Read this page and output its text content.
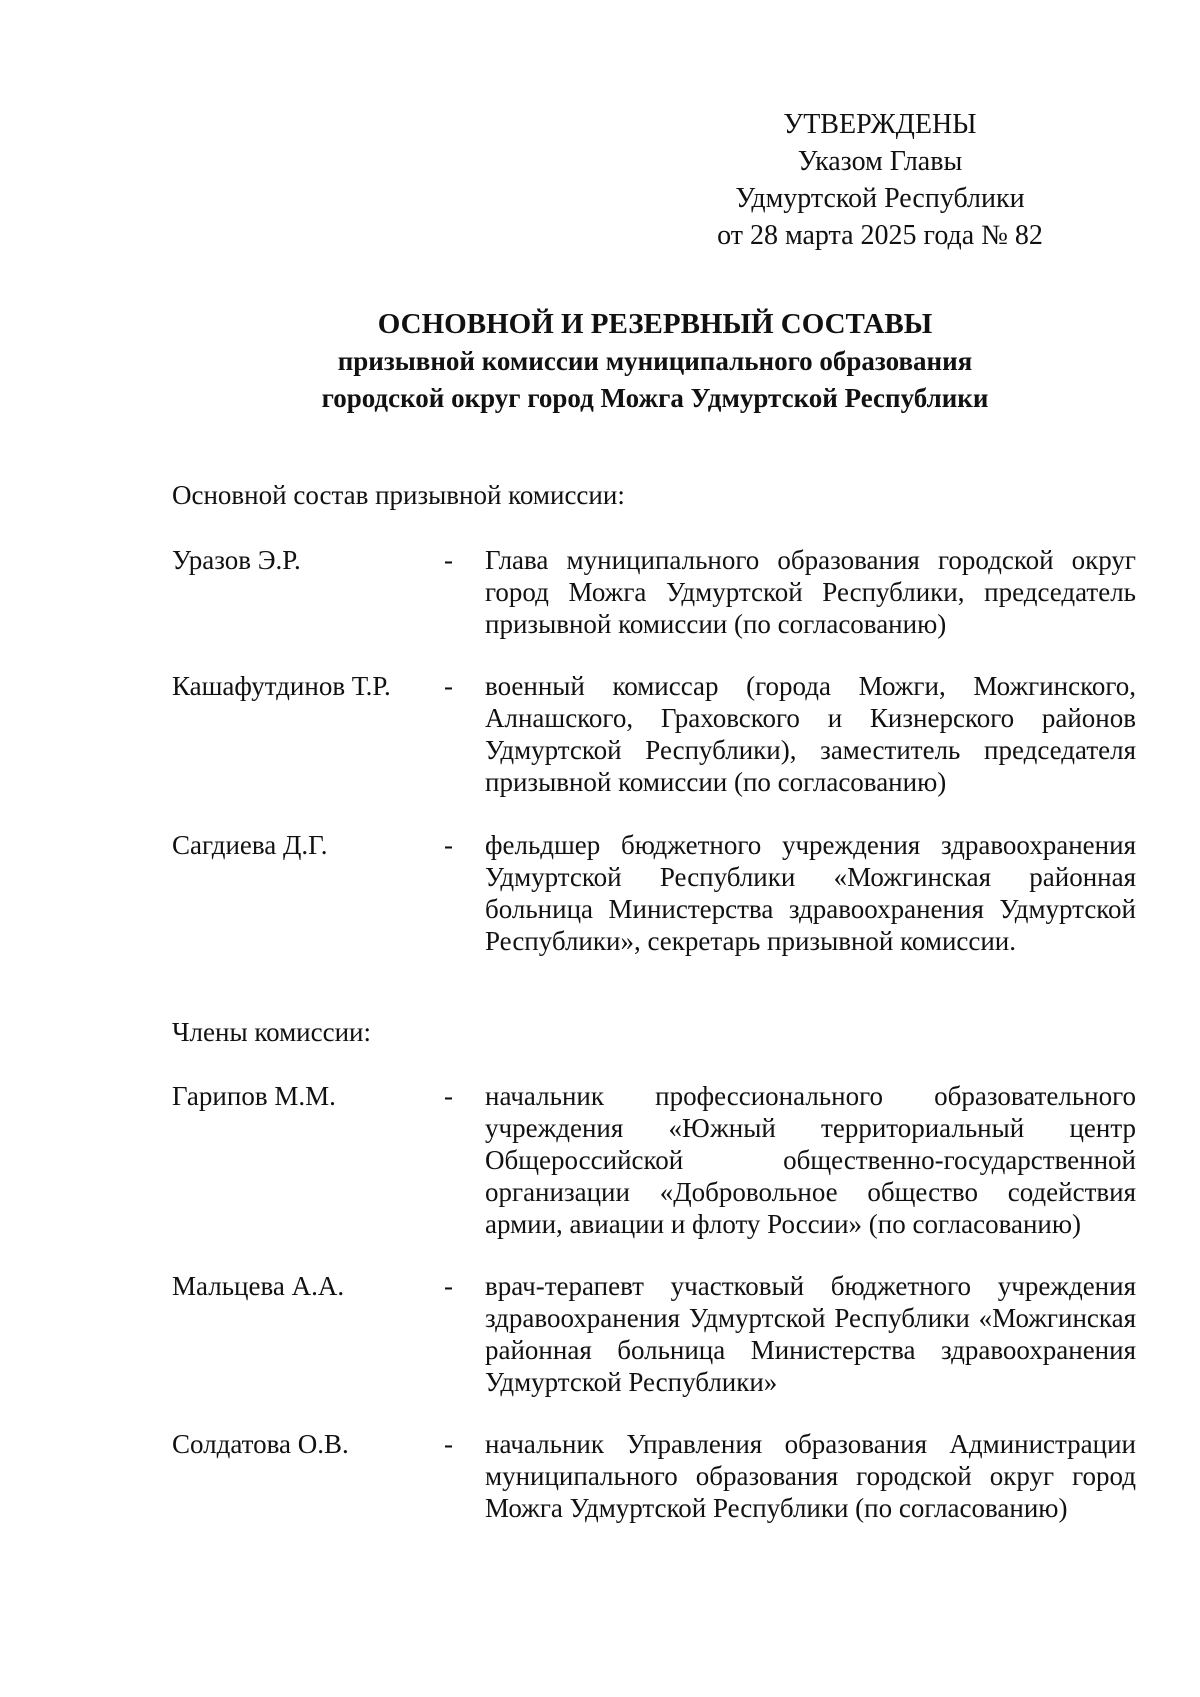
УТВЕРЖДЕНЫ
Указом Главы
Удмуртской Республики
от 28 марта 2025 года № 82
ОСНОВНОЙ И РЕЗЕРВНЫЙ СОСТАВЫ
призывной комиссии муниципального образования
городской округ город Можга Удмуртской Республики
Основной состав призывной комиссии:
Уразов Э.Р.	- Глава муниципального образования городской округ город Можга Удмуртской Республики, председатель призывной комиссии (по согласованию)
Кашафутдинов Т.Р. - военный комиссар (города Можги, Можгинского, Алнашского, Граховского и Кизнерского районов Удмуртской Республики), заместитель председателя призывной комиссии (по согласованию)
Сагдиева Д.Г.	- фельдшер бюджетного учреждения здравоохранения Удмуртской Республики «Можгинская районная больница Министерства здравоохранения Удмуртской Республики», секретарь призывной комиссии.
Члены комиссии:
Гарипов М.М.	- начальник профессионального образовательного учреждения «Южный территориальный центр Общероссийской общественно-государственной организации «Добровольное общество содействия армии, авиации и флоту России» (по согласованию)
Мальцева А.А.	- врач-терапевт участковый бюджетного учреждения здравоохранения Удмуртской Республики «Можгинская районная больница Министерства здравоохранения Удмуртской Республики»
Солдатова О.В.	- начальник Управления образования Администрации муниципального образования городской округ город Можга Удмуртской Республики (по согласованию)
